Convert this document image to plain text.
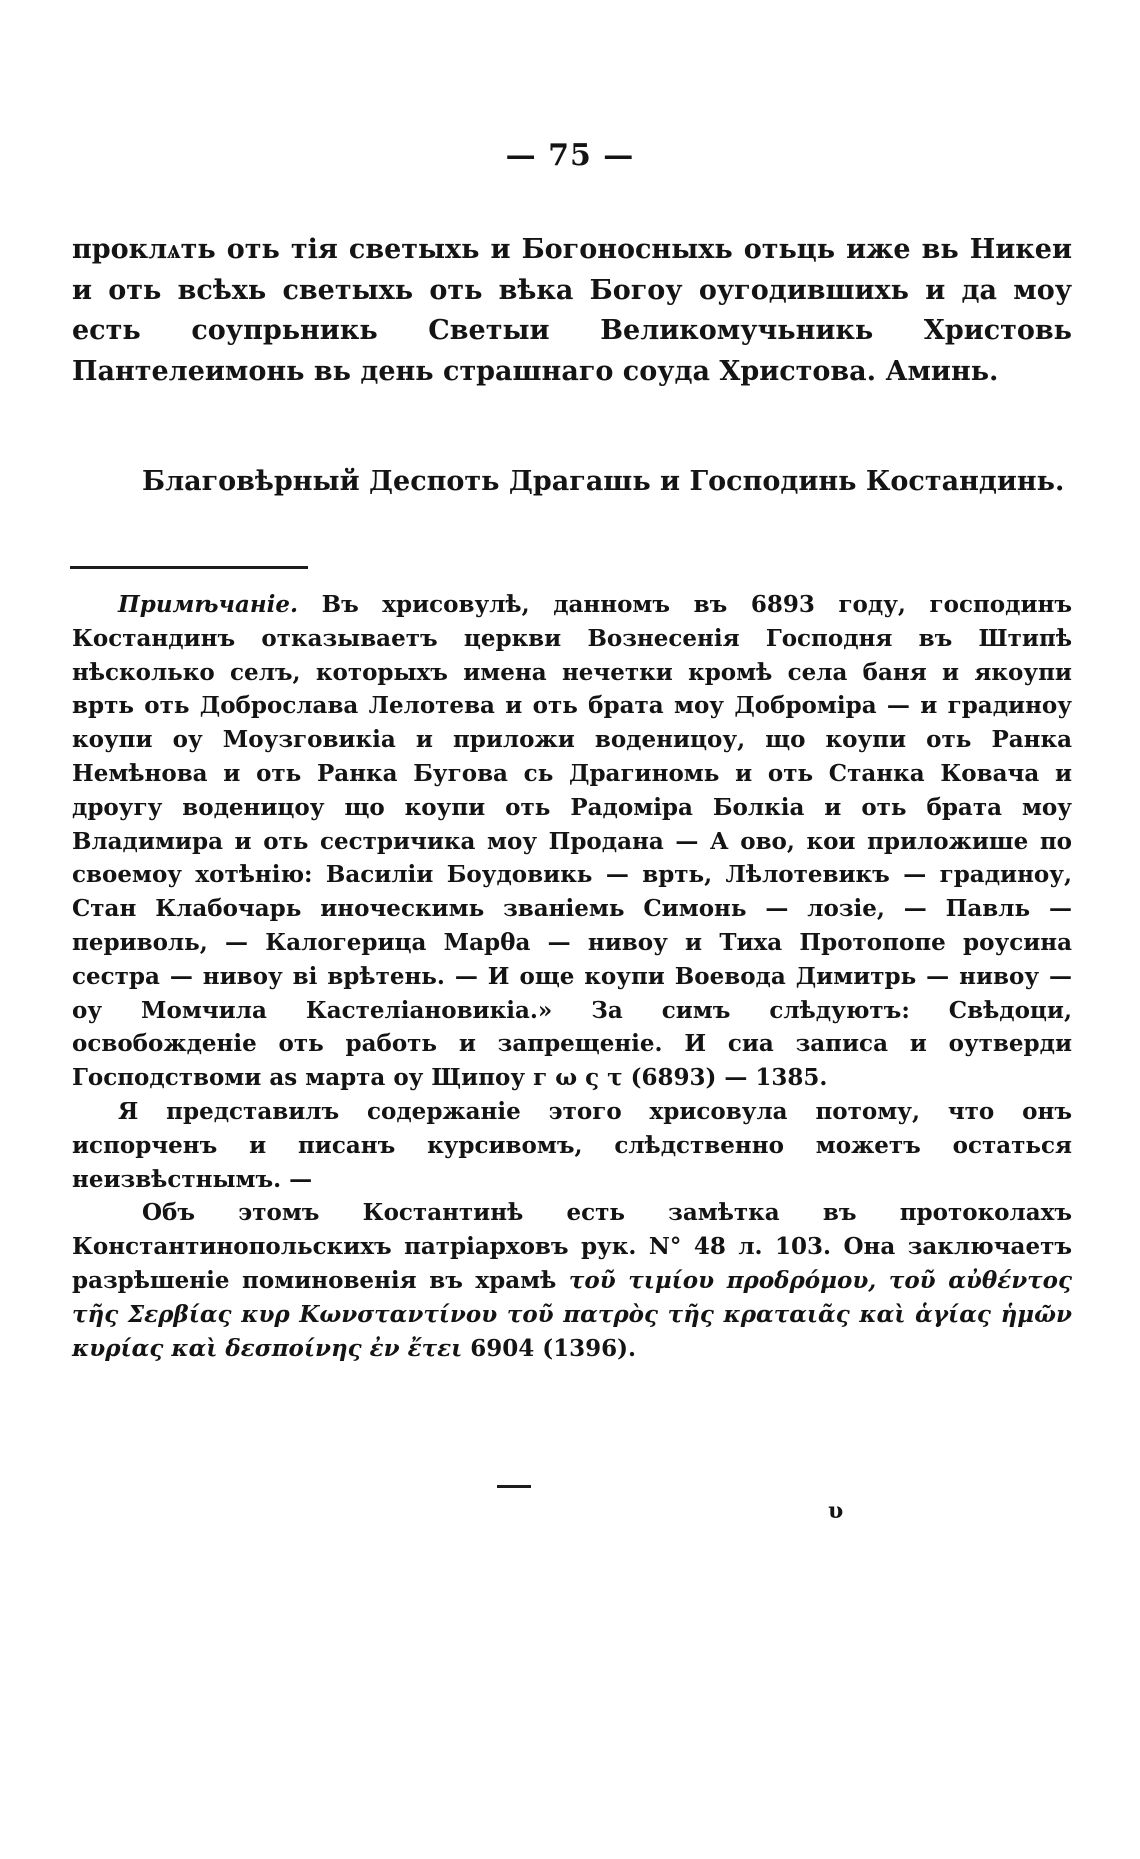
— 75 —
проклѧть оть тiя светыхь и Богоносныхь отьць иже вь Никеи и оть всѣхь светыхь оть вѣка Богоу оугодившихь и да моу есть соупрьникь Светыи Великомучьникь Христовь Пантелеимонь вь день страшнаго соуда Христова. Аминь.
Благовѣрный Деспоть Драгашь и Господинь Костандинь.

Примѣчанiе. Въ хрисовулѣ, данномъ въ 6893 году, господинъ Костандинъ отказываетъ церкви Вознесенiя Господня въ Штипѣ нѣсколько селъ, которыхъ имена нечетки кромѣ села баня и якоупи врть оть Доброслава Лелотева и оть брата моу Добромiра — и градиноу коупи оу Моузговикiа и приложи воденицоу, що коупи оть Ранка Немѣнова и оть Ранка Бугова сь Драгиномь и оть Станка Ковача и дроугу воденицоу що коупи оть Радомiра Болкiа и оть брата моу Владимира и оть сестричика моу Продана — А ово, кои приложише по своемоу хотѣнiю: Василiи Боудовикь — врть, Лѣлотевикъ — градиноу, Стан Клабочарь иноческимь званiемь Симонь — лозiе, — Павль — периволь, — Калогерица Марθа — нивоу и Тиха Протопопе роусина сестра — нивоу вi врѣтень. — И още коупи Воевода Димитрь — нивоу — оу Момчила Кастелiановикiа.» За симъ слѣдуютъ: Свѣдоци, освобожденiе оть работь и запрещенiе. И сиа записа и оутверди Господствоми аѕ марта оу Щипоу г ω ς τ (6893) — 1385.

Я представилъ содержанiе этого хрисовула потому, что онъ испорченъ и писанъ курсивомъ, слѣдственно можетъ остаться неизвѣстнымъ. —

Объ этомъ Костантинѣ есть замѣтка въ протоколахъ Константинопольскихъ патрiарховъ рук. N° 48 л. 103. Она заключаетъ разрѣшенiе поминовенiя въ храмѣ τοῦ τιμίου προδρόμου, τοῦ αὐθέντος τῆς Σερβίας κυρ Κωνσταντίνου τοῦ πατρὸς τῆς κραταιᾶς καὶ ἁγίας ἡμῶν κυρίας καὶ δεσποίνης ἐν ἔτει 6904 (1396).

υ
